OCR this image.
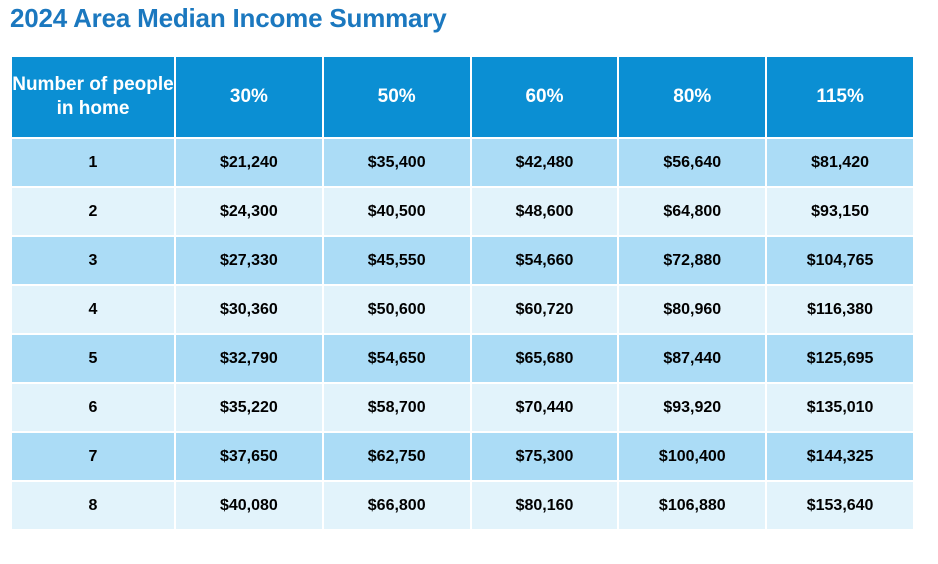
2024 Area Median Income Summary
Number of people in home	30%	50%	60%	80%	115%
1	$21,240	$35,400	$42,480	$56,640	$81,420
2	$24,300	$40,500	$48,600	$64,800	$93,150
3	$27,330	$45,550	$54,660	$72,880	$104,765
4	$30,360	$50,600	$60,720	$80,960	$116,380
5	$32,790	$54,650	$65,680	$87,440	$125,695
6	$35,220	$58,700	$70,440	$93,920	$135,010
7	$37,650	$62,750	$75,300	$100,400	$144,325
8	$40,080	$66,800	$80,160	$106,880	$153,640
